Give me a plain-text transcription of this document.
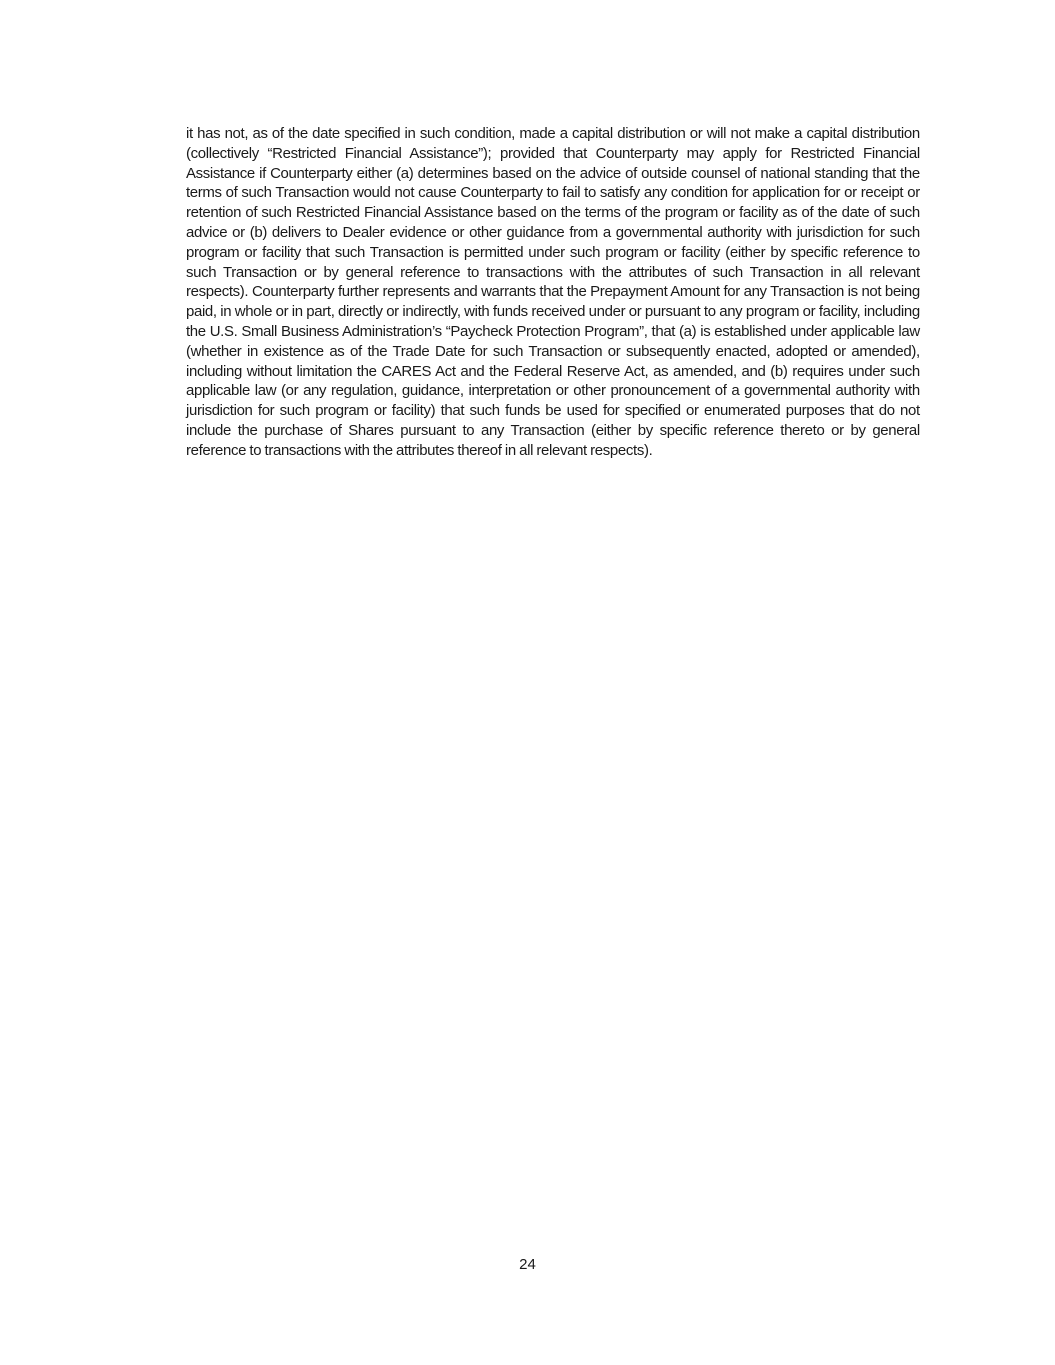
it has not, as of the date specified in such condition, made a capital distribution or will not make a capital distribution (collectively “Restricted Financial Assistance”); provided that Counterparty may apply for Restricted Financial Assistance if Counterparty either (a) determines based on the advice of outside counsel of national standing that the terms of such Transaction would not cause Counterparty to fail to satisfy any condition for application for or receipt or retention of such Restricted Financial Assistance based on the terms of the program or facility as of the date of such advice or (b) delivers to Dealer evidence or other guidance from a governmental authority with jurisdiction for such program or facility that such Transaction is permitted under such program or facility (either by specific reference to such Transaction or by general reference to transactions with the attributes of such Transaction in all relevant respects). Counterparty further represents and warrants that the Prepayment Amount for any Transaction is not being paid, in whole or in part, directly or indirectly, with funds received under or pursuant to any program or facility, including the U.S. Small Business Administration’s “Paycheck Protection Program”, that (a) is established under applicable law (whether in existence as of the Trade Date for such Transaction or subsequently enacted, adopted or amended), including without limitation the CARES Act and the Federal Reserve Act, as amended, and (b) requires under such applicable law (or any regulation, guidance, interpretation or other pronouncement of a governmental authority with jurisdiction for such program or facility) that such funds be used for specified or enumerated purposes that do not include the purchase of Shares pursuant to any Transaction (either by specific reference thereto or by general reference to transactions with the attributes thereof in all relevant respects).

24
